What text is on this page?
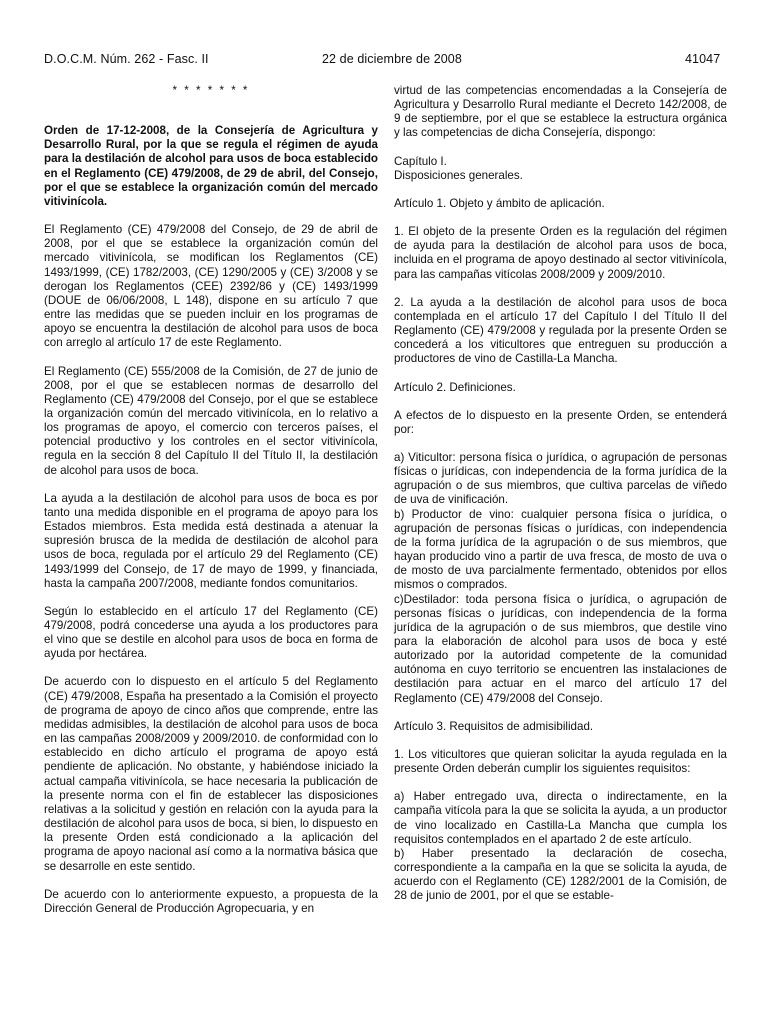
D.O.C.M. Núm. 262 - Fasc. II	22 de diciembre de 2008	41047

* * * * * * *

Orden de 17-12-2008, de la Consejería de Agricultura y Desarrollo Rural, por la que se regula el régimen de ayuda para la destilación de alcohol para usos de boca establecido en el Reglamento (CE) 479/2008, de 29 de abril, del Consejo, por el que se establece la organización común del mercado vitivinícola.

El Reglamento (CE) 479/2008 del Consejo, de 29 de abril de 2008, por el que se establece la organización común del mercado vitivinícola, se modifican los Reglamentos (CE) 1493/1999, (CE) 1782/2003, (CE) 1290/2005 y (CE) 3/2008 y se derogan los Reglamentos (CEE) 2392/86 y (CE) 1493/1999 (DOUE de 06/06/2008, L 148), dispone en su artículo 7 que entre las medidas que se pueden incluir en los programas de apoyo se encuentra la destilación de alcohol para usos de boca con arreglo al artículo 17 de este Reglamento.

El Reglamento (CE) 555/2008 de la Comisión, de 27 de junio de 2008, por el que se establecen normas de desarrollo del Reglamento (CE) 479/2008 del Consejo, por el que se establece la organización común del mercado vitivinícola, en lo relativo a los programas de apoyo, el comercio con terceros países, el potencial productivo y los controles en el sector vitivinícola, regula en la sección 8 del Capítulo II del Título II, la destilación de alcohol para usos de boca.

La ayuda a la destilación de alcohol para usos de boca es por tanto una medida disponible en el programa de apoyo para los Estados miembros. Esta medida está destinada a atenuar la supresión brusca de la medida de destilación de alcohol para usos de boca, regulada por el artículo 29 del Reglamento (CE) 1493/1999 del Consejo, de 17 de mayo de 1999, y financiada, hasta la campaña 2007/2008, mediante fondos comunitarios.

Según lo establecido en el artículo 17 del Reglamento (CE) 479/2008, podrá concederse una ayuda a los productores para el vino que se destile en alcohol para usos de boca en forma de ayuda por hectárea.

De acuerdo con lo dispuesto en el artículo 5 del Reglamento (CE) 479/2008, España ha presentado a la Comisión el proyecto de programa de apoyo de cinco años que comprende, entre las medidas admisibles, la destilación de alcohol para usos de boca en las campañas 2008/2009 y 2009/2010. de conformidad con lo establecido en dicho artículo el programa de apoyo está pendiente de aplicación. No obstante, y habiéndose iniciado la actual campaña vitivinícola, se hace necesaria la publicación de la presente norma con el fin de establecer las disposiciones relativas a la solicitud y gestión en relación con la ayuda para la destilación de alcohol para usos de boca, si bien, lo dispuesto en la presente Orden está condicionado a la aplicación del programa de apoyo nacional así como a la normativa básica que se desarrolle en este sentido.

De acuerdo con lo anteriormente expuesto, a propuesta de la Dirección General de Producción Agropecuaria, y en

virtud de las competencias encomendadas a la Consejería de Agricultura y Desarrollo Rural mediante el Decreto 142/2008, de 9 de septiembre, por el que se establece la estructura orgánica y las competencias de dicha Consejería, dispongo:

Capítulo I.

Disposiciones generales.

Artículo 1. Objeto y ámbito de aplicación.

1. El objeto de la presente Orden es la regulación del régimen de ayuda para la destilación de alcohol para usos de boca, incluida en el programa de apoyo destinado al sector vitivinícola, para las campañas vitícolas 2008/2009 y 2009/2010.

2. La ayuda a la destilación de alcohol para usos de boca contemplada en el artículo 17 del Capítulo I del Título II del Reglamento (CE) 479/2008 y regulada por la presente Orden se concederá a los viticultores que entreguen su producción a productores de vino de Castilla-La Mancha.

Artículo 2. Definiciones.

A efectos de lo dispuesto en la presente Orden, se entenderá por:

a) Viticultor: persona física o jurídica, o agrupación de personas físicas o jurídicas, con independencia de la forma jurídica de la agrupación o de sus miembros, que cultiva parcelas de viñedo de uva de vinificación.

b) Productor de vino: cualquier persona física o jurídica, o agrupación de personas físicas o jurídicas, con independencia de la forma jurídica de la agrupación o de sus miembros, que hayan producido vino a partir de uva fresca, de mosto de uva o de mosto de uva parcialmente fermentado, obtenidos por ellos mismos o comprados.

c)Destilador: toda persona física o jurídica, o agrupación de personas físicas o jurídicas, con independencia de la forma jurídica de la agrupación o de sus miembros, que destile vino para la elaboración de alcohol para usos de boca y esté autorizado por la autoridad competente de la comunidad autónoma en cuyo territorio se encuentren las instalaciones de destilación para actuar en el marco del artículo 17 del Reglamento (CE) 479/2008 del Consejo.

Artículo 3. Requisitos de admisibilidad.

1. Los viticultores que quieran solicitar la ayuda regulada en la presente Orden deberán cumplir los siguientes requisitos:

a) Haber entregado uva, directa o indirectamente, en la campaña vitícola para la que se solicita la ayuda, a un productor de vino localizado en Castilla-La Mancha que cumpla los requisitos contemplados en el apartado 2 de este artículo.

b) Haber presentado la declaración de cosecha, correspondiente a la campaña en la que se solicita la ayuda, de acuerdo con el Reglamento (CE) 1282/2001 de la Comisión, de 28 de junio de 2001, por el que se estable-
